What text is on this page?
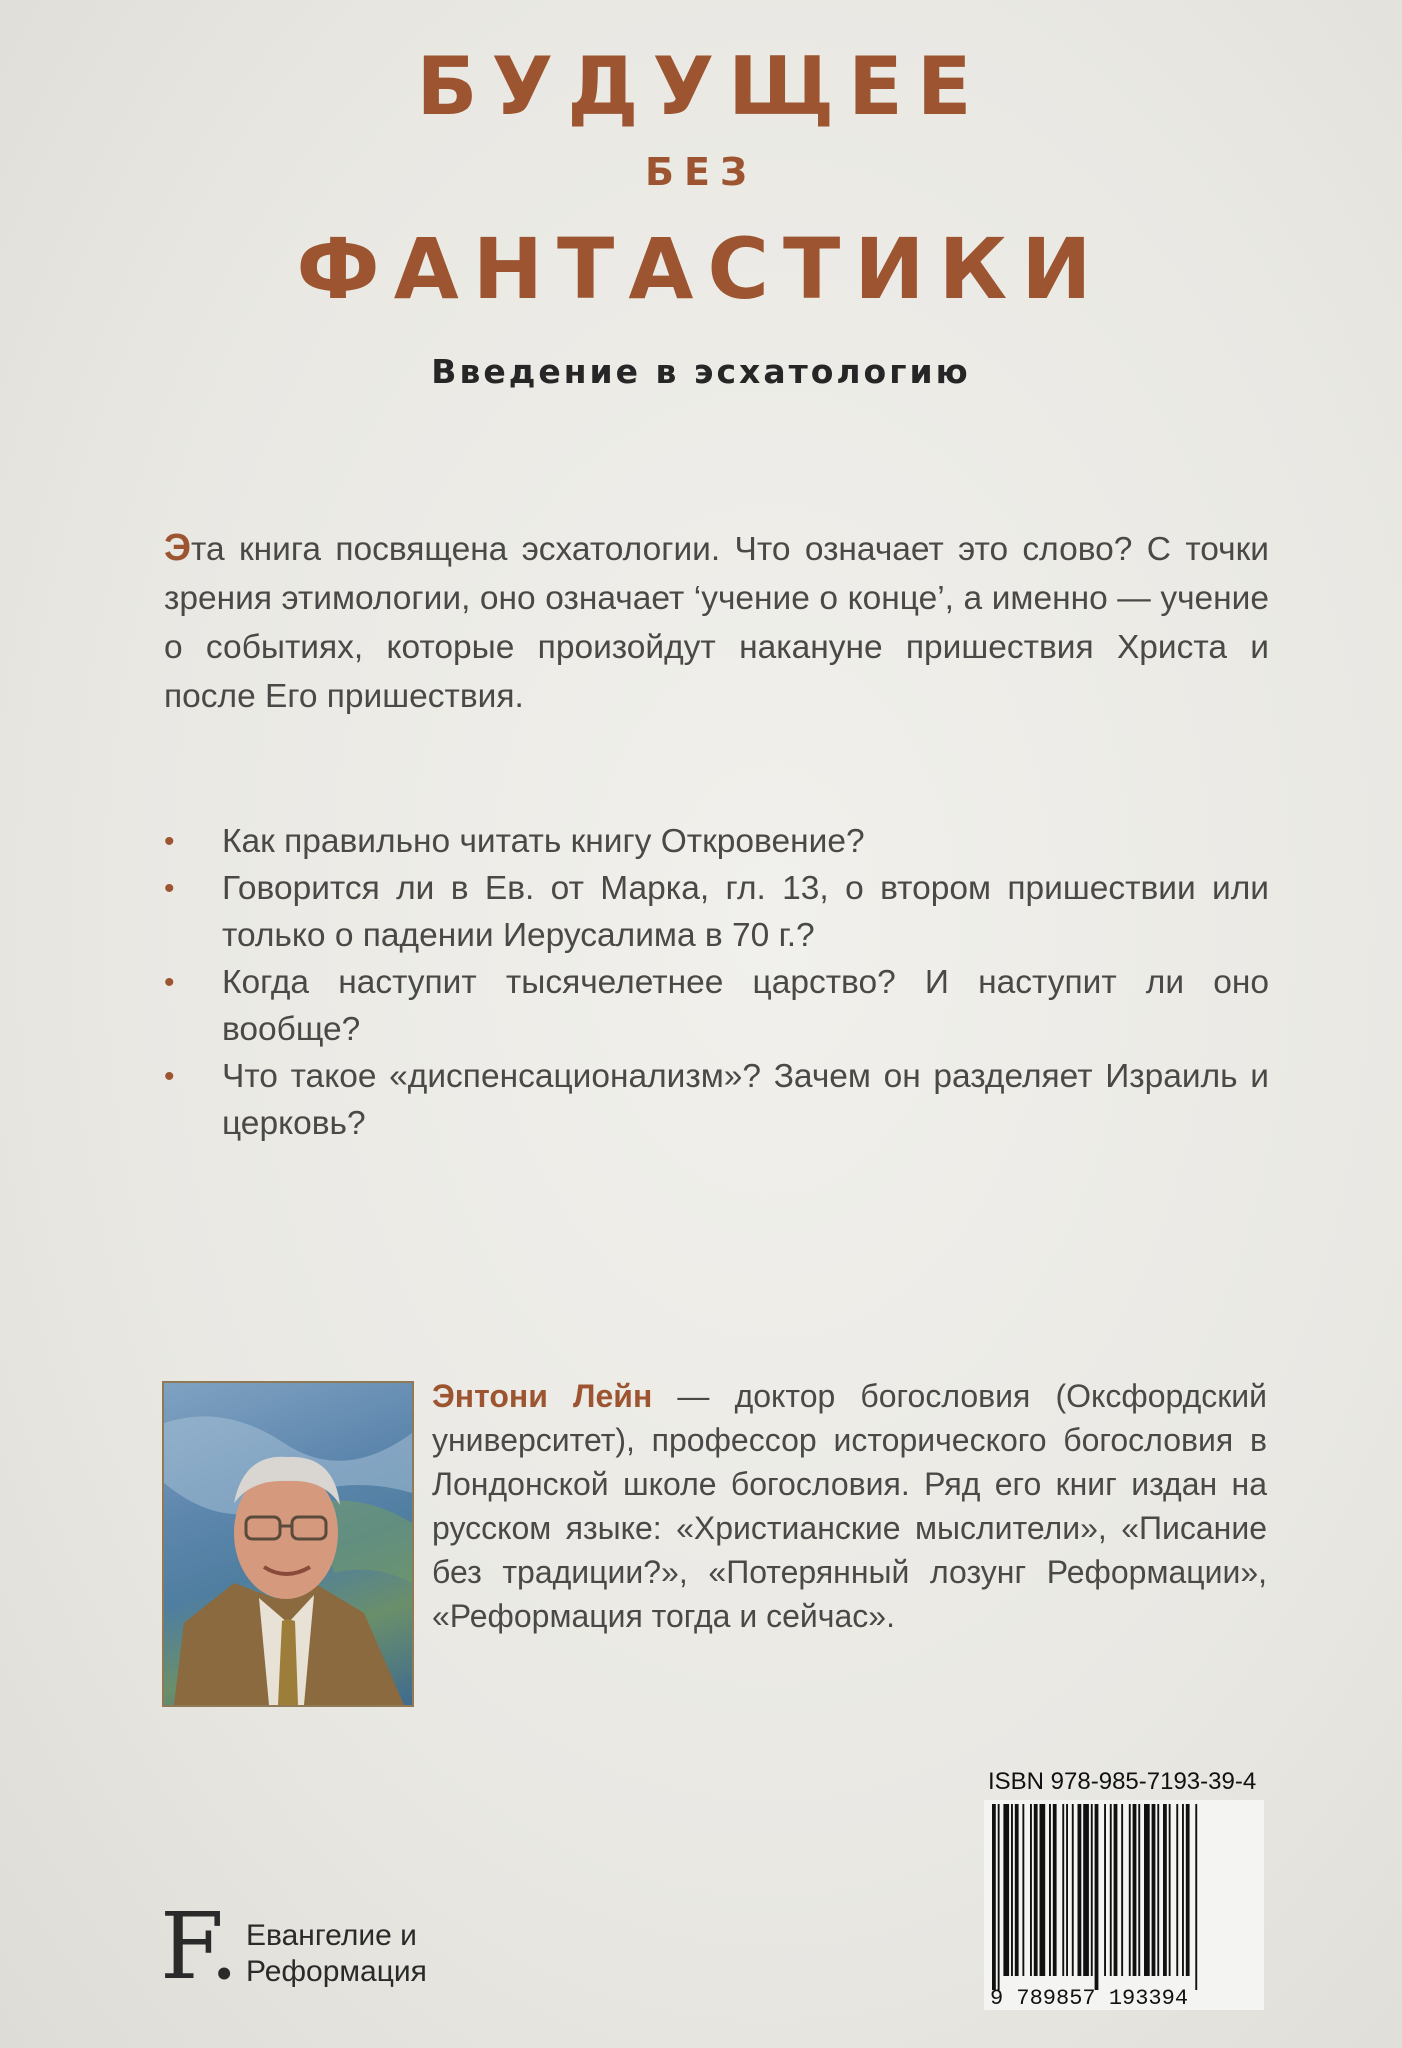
БУДУЩЕЕ
БЕЗ
ФАНТАСТИКИ
Введение в эсхатологию

Эта книга посвящена эсхатологии. Что означает это слово? С точки зрения этимологии, оно означает ‘учение о конце’, а именно — учение о событиях, которые произойдут накануне пришествия Христа и после Его пришествия.

• Как правильно читать книгу Откровение?
• Говорится ли в Ев. от Марка, гл. 13, о втором пришествии или только о падении Иерусалима в 70 г.?
• Когда наступит тысячелетнее царство? И наступит ли оно вообще?
• Что такое «диспенсационализм»? Зачем он разделяет Израиль и церковь?

Энтони Лейн — доктор богословия (Оксфордский университет), профессор исторического богословия в Лондонской школе богословия. Ряд его книг издан на русском языке: «Христианские мыслители», «Писание без традиции?», «Потерянный лозунг Реформации», «Реформация тогда и сейчас».

ISBN 978-985-7193-39-4
9 789857 193394
F. Евангелие и
Реформация
